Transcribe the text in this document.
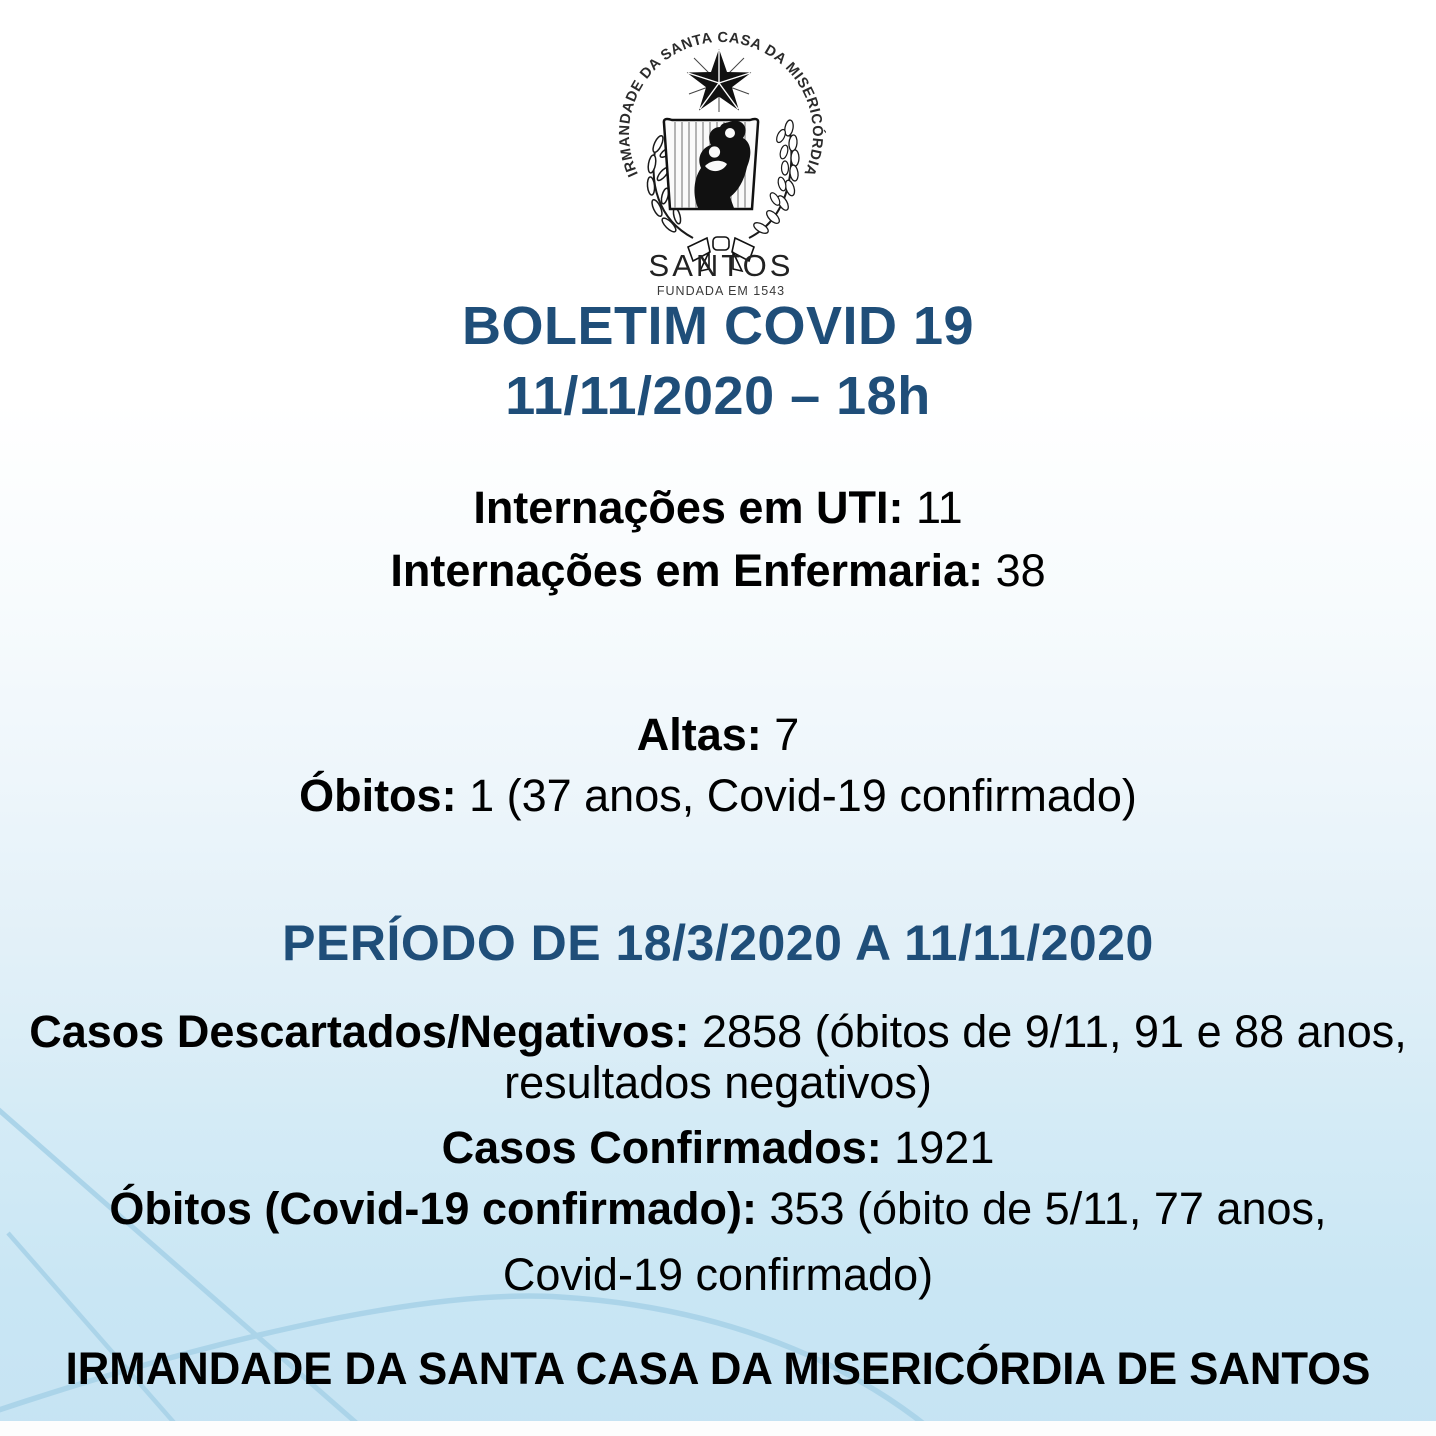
IRMANDADE DA SANTA CASA DA MISERICÓRDIA
SANTOS
FUNDADA EM 1543
BOLETIM COVID 19
11/11/2020 – 18h
Internações em UTI: 11
Internações em Enfermaria: 38
Altas: 7
Óbitos: 1 (37 anos, Covid-19 confirmado)
PERÍODO DE 18/3/2020 A 11/11/2020
Casos Descartados/Negativos: 2858 (óbitos de 9/11, 91 e 88 anos,
resultados negativos)
Casos Confirmados: 1921
Óbitos (Covid-19 confirmado): 353 (óbito de 5/11, 77 anos,
Covid-19 confirmado)
IRMANDADE DA SANTA CASA DA MISERICÓRDIA DE SANTOS
